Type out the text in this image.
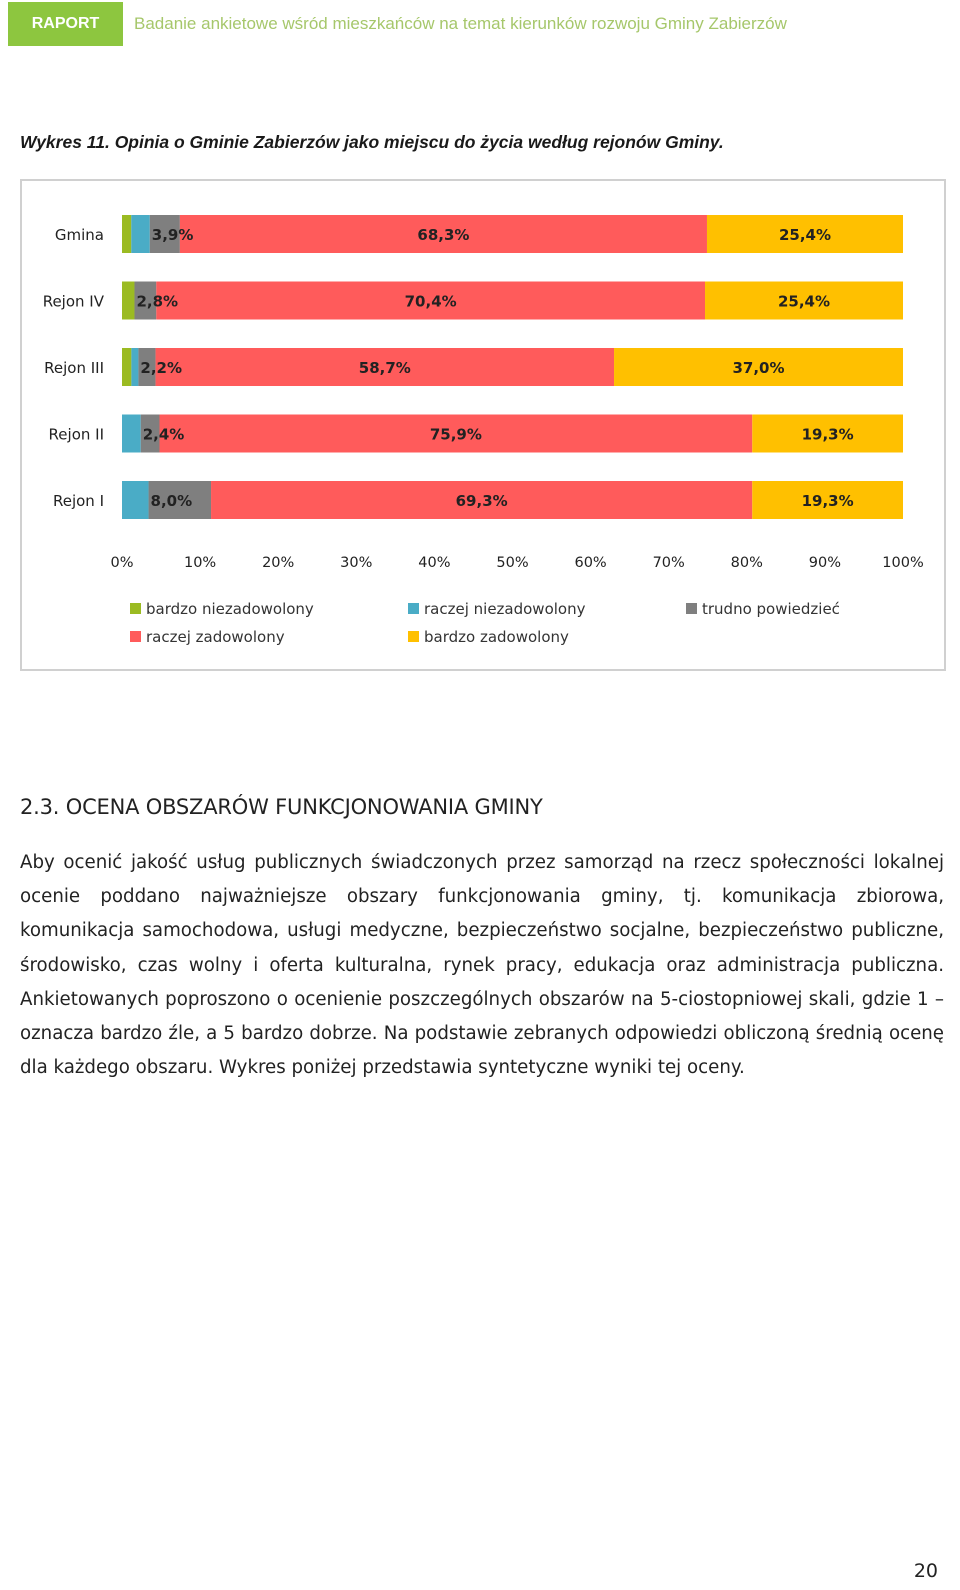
RAPORT	Badanie ankietowe wśród mieszkańców na temat kierunków rozwoju Gminy Zabierzów
Wykres 11. Opinia o Gminie Zabierzów jako miejscu do życia według rejonów Gminy.
Gmina
Rejon IV
Rejon III
Rejon II
Rejon I
3,9%	68,3%	25,4%
2,8%	70,4%	25,4%
2,2%	58,7%	37,0%
2,4%	75,9%	19,3%
8,0%	69,3%	19,3%
0%	10%	20%	30%	40%	50%	60%	70%	80%	90%	100%
bardzo niezadowolony	raczej niezadowolony	trudno powiedzieć
raczej zadowolony	bardzo zadowolony
2.3. OCENA OBSZARÓW FUNKCJONOWANIA GMINY

Aby ocenić jakość usług publicznych świadczonych przez samorząd na rzecz społeczności lokalnej ocenie poddano najważniejsze obszary funkcjonowania gminy, tj. komunikacja zbiorowa, komunikacja samochodowa, usługi medyczne, bezpieczeństwo socjalne, bezpieczeństwo publiczne, środowisko, czas wolny i oferta kulturalna, rynek pracy, edukacja oraz administracja publiczna. Ankietowanych poproszono o ocenienie poszczególnych obszarów na 5-ciostopniowej skali, gdzie 1 – oznacza bardzo źle, a 5 bardzo dobrze. Na podstawie zebranych odpowiedzi obliczoną średnią ocenę dla każdego obszaru. Wykres poniżej przedstawia syntetyczne wyniki tej oceny.

20
